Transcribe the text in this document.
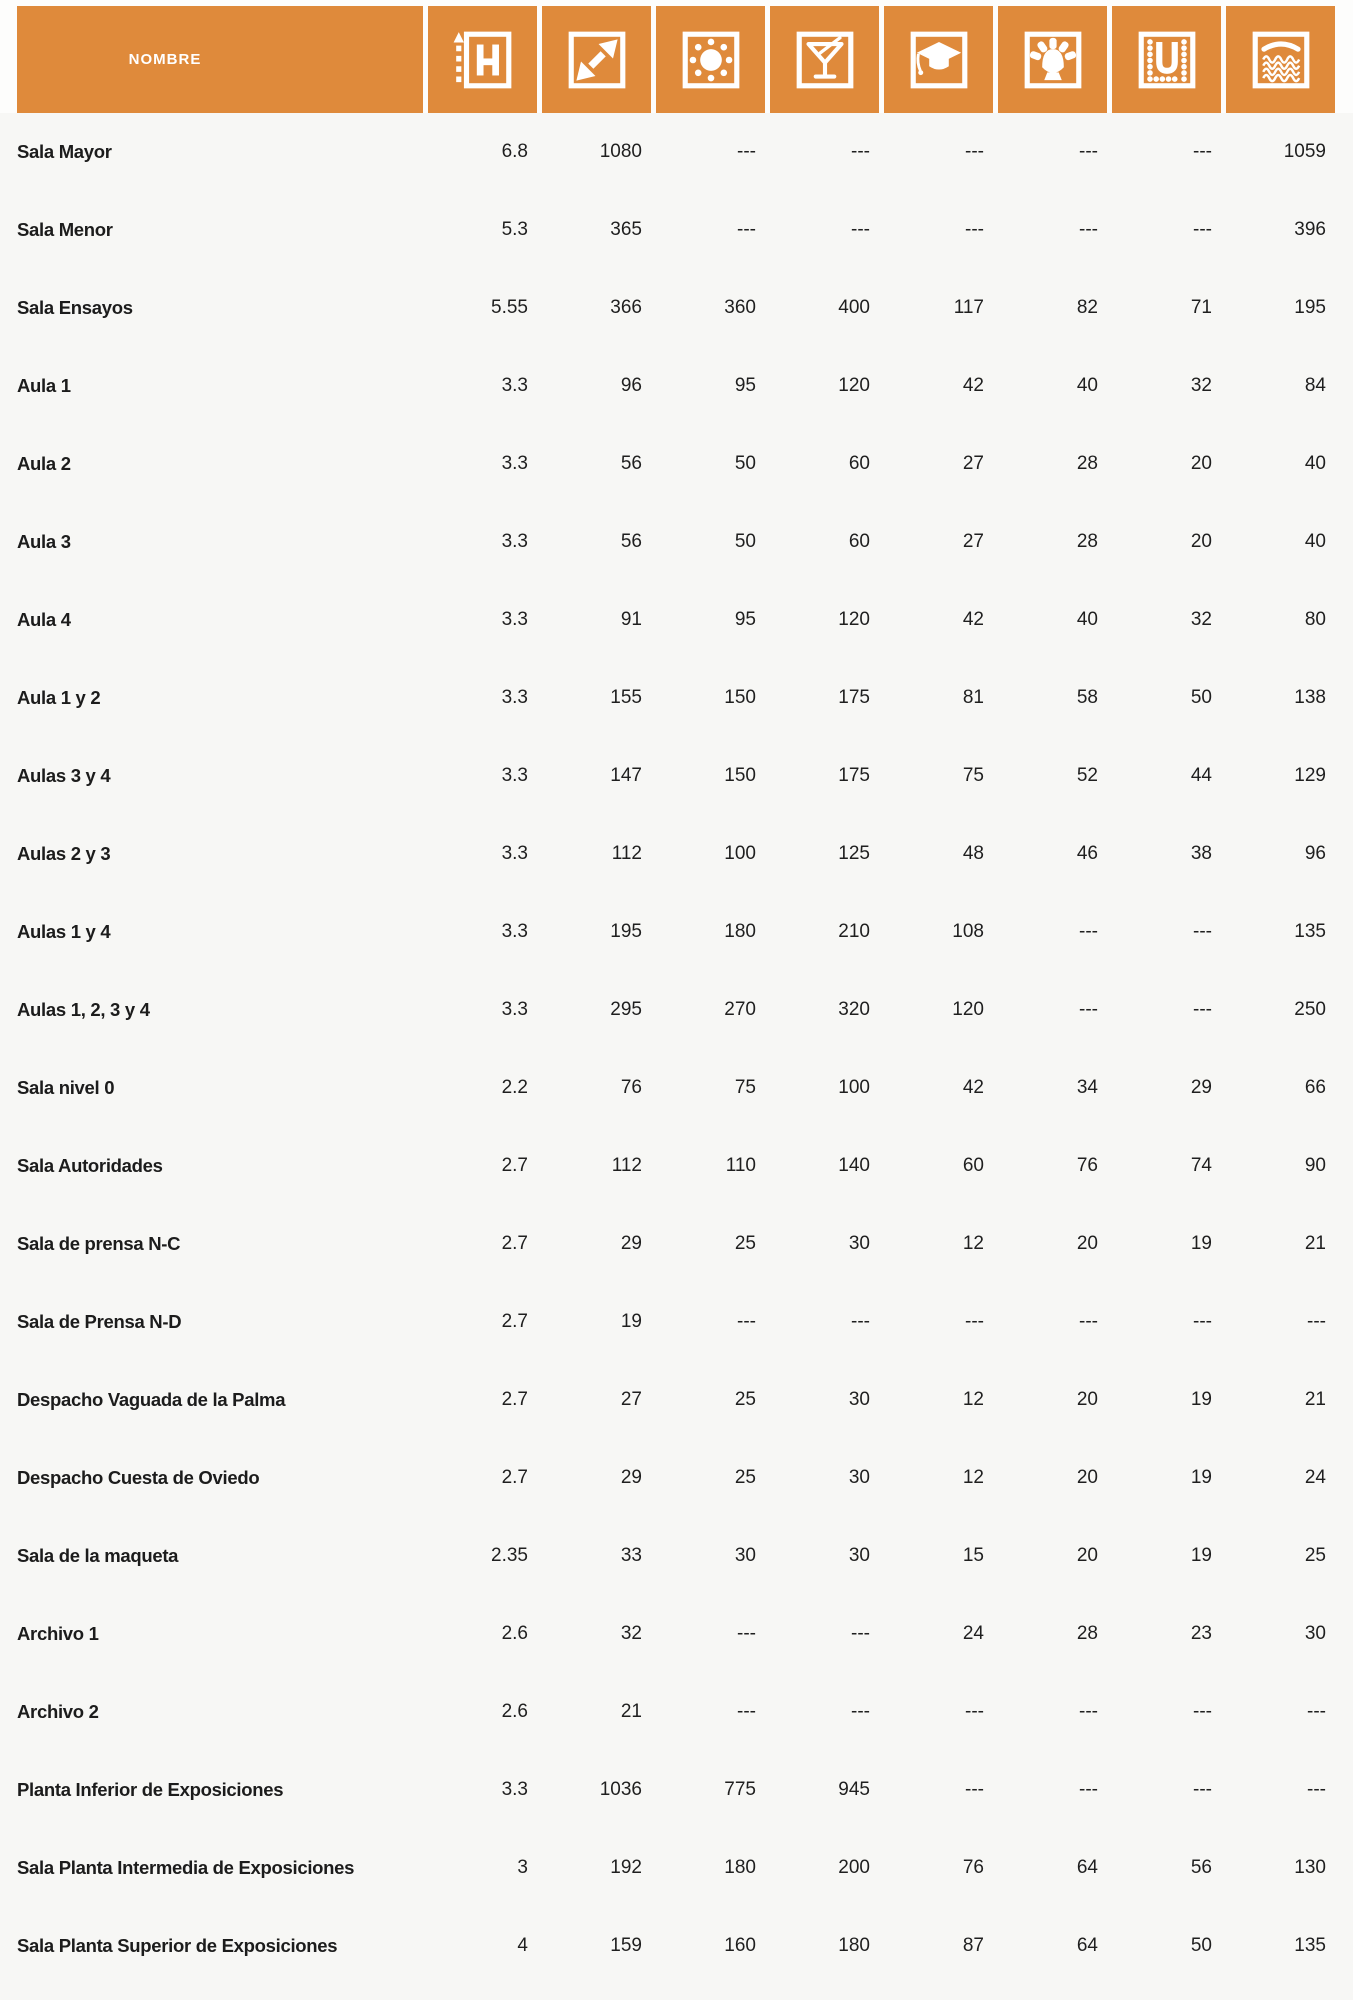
NOMBRE
Sala Mayor	6.8	1080	---	---	---	---	---	1059
Sala Menor	5.3	365	---	---	---	---	---	396
Sala Ensayos	5.55	366	360	400	117	82	71	195
Aula 1	3.3	96	95	120	42	40	32	84
Aula 2	3.3	56	50	60	27	28	20	40
Aula 3	3.3	56	50	60	27	28	20	40
Aula 4	3.3	91	95	120	42	40	32	80
Aula 1 y 2	3.3	155	150	175	81	58	50	138
Aulas 3 y 4	3.3	147	150	175	75	52	44	129
Aulas 2 y 3	3.3	112	100	125	48	46	38	96
Aulas 1 y 4	3.3	195	180	210	108	---	---	135
Aulas 1, 2, 3 y 4	3.3	295	270	320	120	---	---	250
Sala nivel 0	2.2	76	75	100	42	34	29	66
Sala Autoridades	2.7	112	110	140	60	76	74	90
Sala de prensa N-C	2.7	29	25	30	12	20	19	21
Sala de Prensa N-D	2.7	19	---	---	---	---	---	---
Despacho Vaguada de la Palma	2.7	27	25	30	12	20	19	21
Despacho Cuesta de Oviedo	2.7	29	25	30	12	20	19	24
Sala de la maqueta	2.35	33	30	30	15	20	19	25
Archivo 1	2.6	32	---	---	24	28	23	30
Archivo 2	2.6	21	---	---	---	---	---	---
Planta Inferior de Exposiciones	3.3	1036	775	945	---	---	---	---
Sala Planta Intermedia de Exposiciones	3	192	180	200	76	64	56	130
Sala Planta Superior de Exposiciones	4	159	160	180	87	64	50	135
